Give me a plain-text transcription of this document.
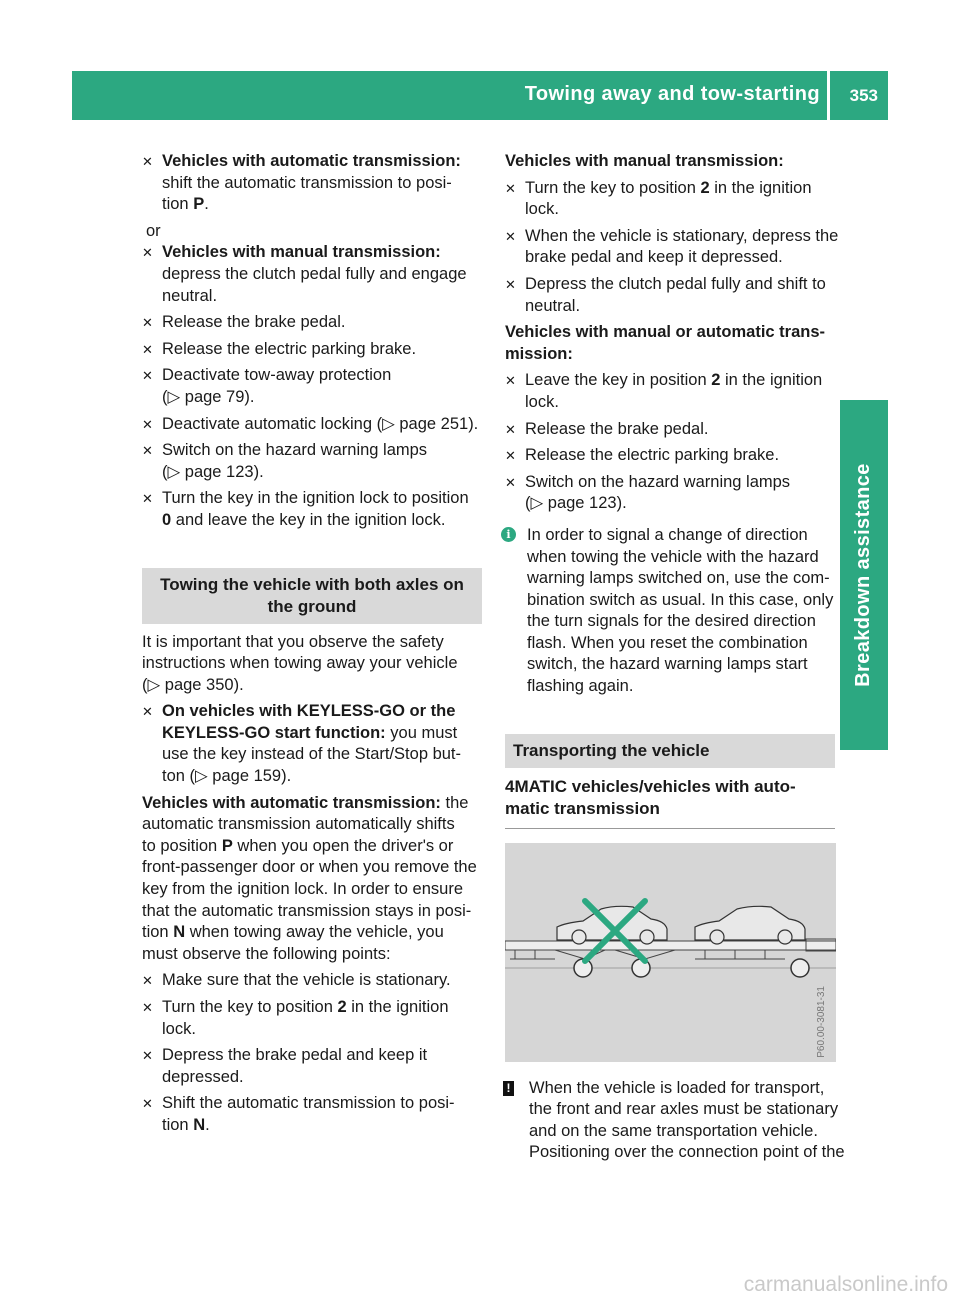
Towing away and tow-starting 353
Breakdown assistance
✕ Vehicles with automatic transmission:

shift the automatic transmission to posi-

tion P.

or

✕ Vehicles with manual transmission:

depress the clutch pedal fully and engage

neutral.

✕ Release the brake pedal.

✕ Release the electric parking brake.

✕ Deactivate tow-away protection

(▷ page 79).

✕ Deactivate automatic locking (▷ page 251).

✕ Switch on the hazard warning lamps

(▷ page 123).

✕ Turn the key in the ignition lock to position

0 and leave the key in the ignition lock.

Towing the vehicle with both axles on
the ground

It is important that you observe the safety

instructions when towing away your vehicle

(▷ page 350).

✕ On vehicles with KEYLESS-GO or the

KEYLESS-GO start function: you must

use the key instead of the Start/Stop but-

ton (▷ page 159).

Vehicles with automatic transmission: the

automatic transmission automatically shifts

to position P when you open the driver's or

front-passenger door or when you remove the

key from the ignition lock. In order to ensure

that the automatic transmission stays in posi-

tion N when towing away the vehicle, you

must observe the following points:

✕ Make sure that the vehicle is stationary.

✕ Turn the key to position 2 in the ignition

lock.

✕ Depress the brake pedal and keep it

depressed.

✕ Shift the automatic transmission to posi-

tion N.

Vehicles with manual transmission:

✕ Turn the key to position 2 in the ignition

lock.

✕ When the vehicle is stationary, depress the

brake pedal and keep it depressed.

✕ Depress the clutch pedal fully and shift to

neutral.

Vehicles with manual or automatic trans-

mission:

✕ Leave the key in position 2 in the ignition

lock.

✕ Release the brake pedal.

✕ Release the electric parking brake.

✕ Switch on the hazard warning lamps

(▷ page 123).

i In order to signal a change of direction

when towing the vehicle with the hazard

warning lamps switched on, use the com-

bination switch as usual. In this case, only

the turn signals for the desired direction

flash. When you reset the combination

switch, the hazard warning lamps start

flashing again.

Transporting the vehicle
4MATIC vehicles/vehicles with auto-
matic transmission
P60.00-3081-31
! When the vehicle is loaded for transport,

the front and rear axles must be stationary

and on the same transportation vehicle.

Positioning over the connection point of the

carmanualsonline.info
